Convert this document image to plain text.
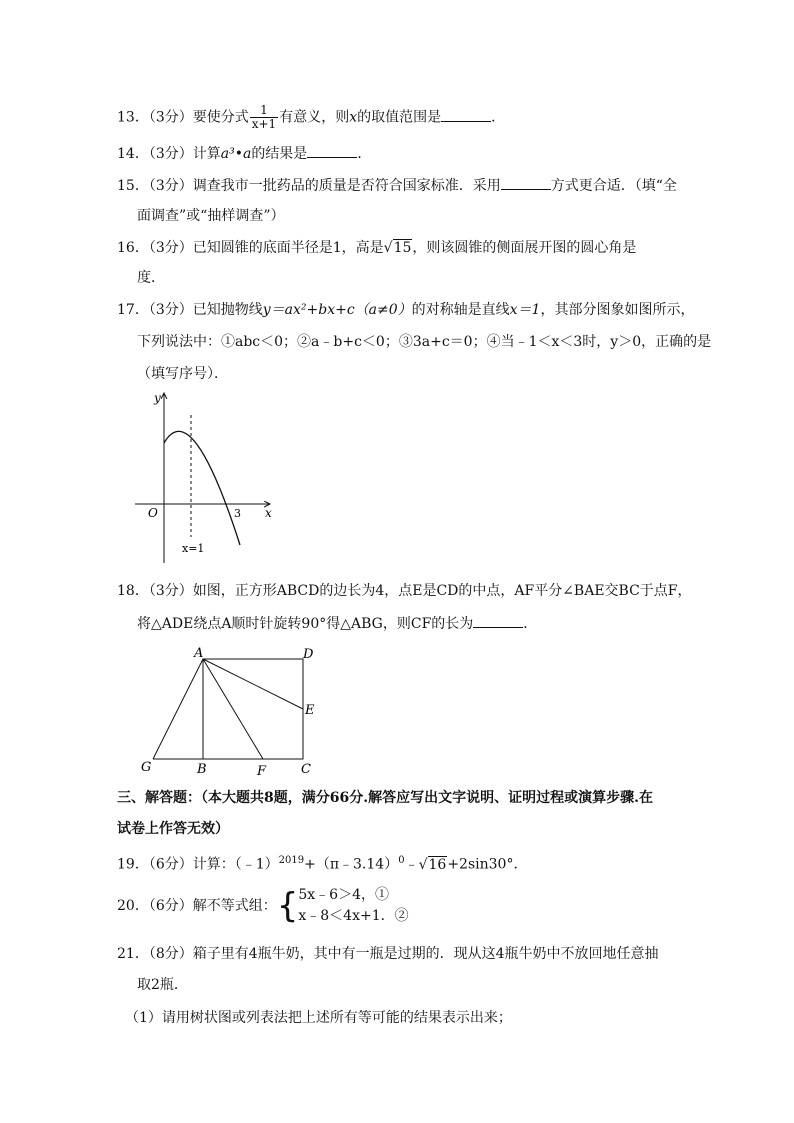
13．（3分）要使分式 $\frac{1}{x+1}$ 有意义，则x的取值范围是	．
14．（3分）计算a³•a的结果是	．
15．（3分）调查我市一批药品的质量是否符合国家标准．采用	方式更合适．（填“全
面调查”或“抽样调查”）
16．（3分）已知圆锥的底面半径是1，高是√15，则该圆锥的侧面展开图的圆心角是
度．
17．（3分）已知抛物线y＝ax²+bx+c（a≠0）的对称轴是直线x＝1，其部分图象如图所示，
下列说法中：①abc＜0；②a﹣b+c＜0；③3a+c＝0；④当﹣1＜x＜3时，y＞0，正确的是
（填写序号）．
y
O	3 x
x=1
18．（3分）如图，正方形ABCD的边长为4，点E是CD的中点，AF平分∠BAE交BC于点F，
将△ADE绕点A顺时针旋转90°得△ABG，则CF的长为	．
A	D
E
G	B	F	C
三、解答题：（本大题共8题，满分66分.解答应写出文字说明、证明过程或演算步骤.在
试卷上作答无效）
19．（6分）计算：（﹣1）$^{2019}$+（π﹣3.14）$^0$﹣√16+2sin30°．
20．（6分）解不等式组：{ 5x﹣6＞4，①
x﹣8＜4x+1．②
21．（8分）箱子里有4瓶牛奶，其中有一瓶是过期的．现从这4瓶牛奶中不放回地任意抽
取2瓶．
（1）请用树状图或列表法把上述所有等可能的结果表示出来；
